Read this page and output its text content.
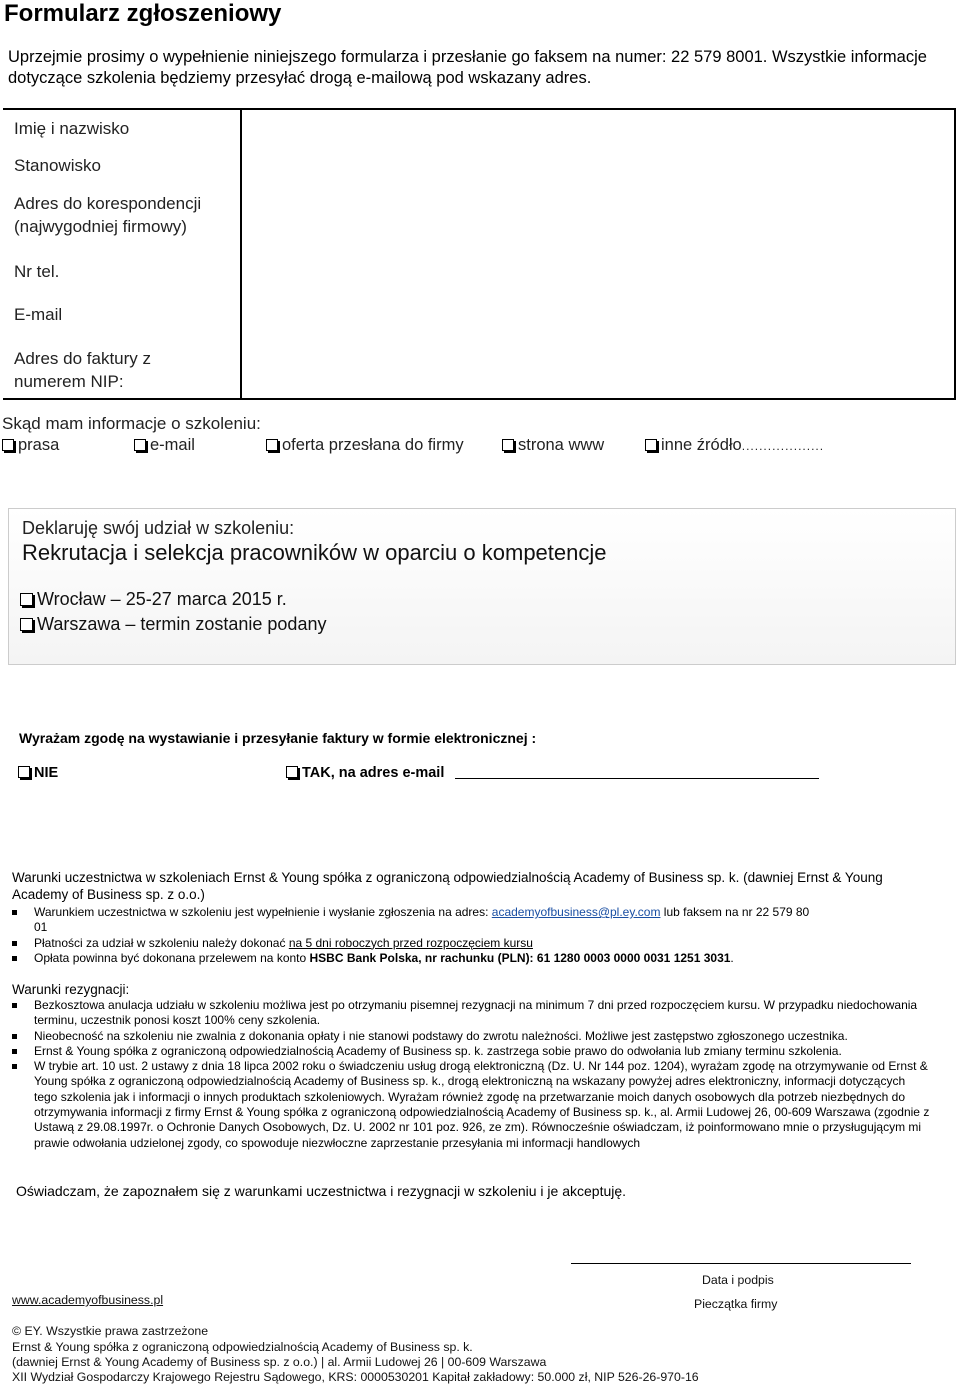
Formularz zgłoszeniowy
Uprzejmie prosimy o wypełnienie niniejszego formularza i przesłanie go faksem na numer: 22 579 8001. Wszystkie informacje dotyczące szkolenia będziemy przesyłać drogą e-mailową pod wskazany adres.
Imię i nazwisko
Stanowisko
Adres do korespondencji
(najwygodniej firmowy)
Nr tel.
E-mail
Adres do faktury z
numerem NIP:
Skąd mam informacje o szkoleniu:
prasa	e-mail	oferta przesłana do firmy	strona www	inne źródło...................
Deklaruję swój udział w szkoleniu:
Rekrutacja i selekcja pracowników w oparciu o kompetencje
Wrocław – 25-27 marca 2015 r.
Warszawa – termin zostanie podany
Wyrażam zgodę na wystawianie i przesyłanie faktury w formie elektronicznej :
NIE	TAK, na adres e-mail
Warunki uczestnictwa w szkoleniach Ernst & Young spółka z ograniczoną odpowiedzialnością Academy of Business sp. k. (dawniej Ernst & Young Academy of Business sp. z o.o.)
Warunkiem uczestnictwa w szkoleniu jest wypełnienie i wysłanie zgłoszenia na adres: academyofbusiness@pl.ey.com lub faksem na nr 22 579 80 01
Płatności za udział w szkoleniu należy dokonać na 5 dni roboczych przed rozpoczęciem kursu
Opłata powinna być dokonana przelewem na konto HSBC Bank Polska, nr rachunku (PLN): 61 1280 0003 0000 0031 1251 3031.
Warunki rezygnacji:
Bezkosztowa anulacja udziału w szkoleniu możliwa jest po otrzymaniu pisemnej rezygnacji na minimum 7 dni przed rozpoczęciem kursu. W przypadku niedochowania terminu, uczestnik ponosi koszt 100% ceny szkolenia.
Nieobecność na szkoleniu nie zwalnia z dokonania opłaty i nie stanowi podstawy do zwrotu należności. Możliwe jest zastępstwo zgłoszonego uczestnika.
Ernst & Young spółka z ograniczoną odpowiedzialnością Academy of Business sp. k. zastrzega sobie prawo do odwołania lub zmiany terminu szkolenia.
W trybie art. 10 ust. 2 ustawy z dnia 18 lipca 2002 roku o świadczeniu usług drogą elektroniczną (Dz. U. Nr 144 poz. 1204), wyrażam zgodę na otrzymywanie od Ernst & Young spółka z ograniczoną odpowiedzialnością Academy of Business sp. k., drogą elektroniczną na wskazany powyżej adres elektroniczny, informacji dotyczących tego szkolenia jak i informacji o innych produktach szkoleniowych. Wyrażam również zgodę na przetwarzanie moich danych osobowych dla potrzeb niezbędnych do otrzymywania informacji z firmy Ernst & Young spółka z ograniczoną odpowiedzialnością Academy of Business sp. k., al. Armii Ludowej 26, 00-609 Warszawa (zgodnie z Ustawą z 29.08.1997r. o Ochronie Danych Osobowych, Dz. U. 2002 nr 101 poz. 926, ze zm). Równocześnie oświadczam, iż poinformowano mnie o przysługującym mi prawie odwołania udzielonej zgody, co spowoduje niezwłoczne zaprzestanie przesyłania mi informacji handlowych
Oświadczam, że zapoznałem się z warunkami uczestnictwa i rezygnacji w szkoleniu i je akceptuję.
Data i podpis
Pieczątka firmy
www.academyofbusiness.pl
© EY. Wszystkie prawa zastrzeżone
Ernst & Young spółka z ograniczoną odpowiedzialnością Academy of Business sp. k.
(dawniej Ernst & Young Academy of Business sp. z o.o.) | al. Armii Ludowej 26 | 00-609 Warszawa
XII Wydział Gospodarczy Krajowego Rejestru Sądowego, KRS: 0000530201 Kapitał zakładowy: 50.000 zł, NIP 526-26-970-16
